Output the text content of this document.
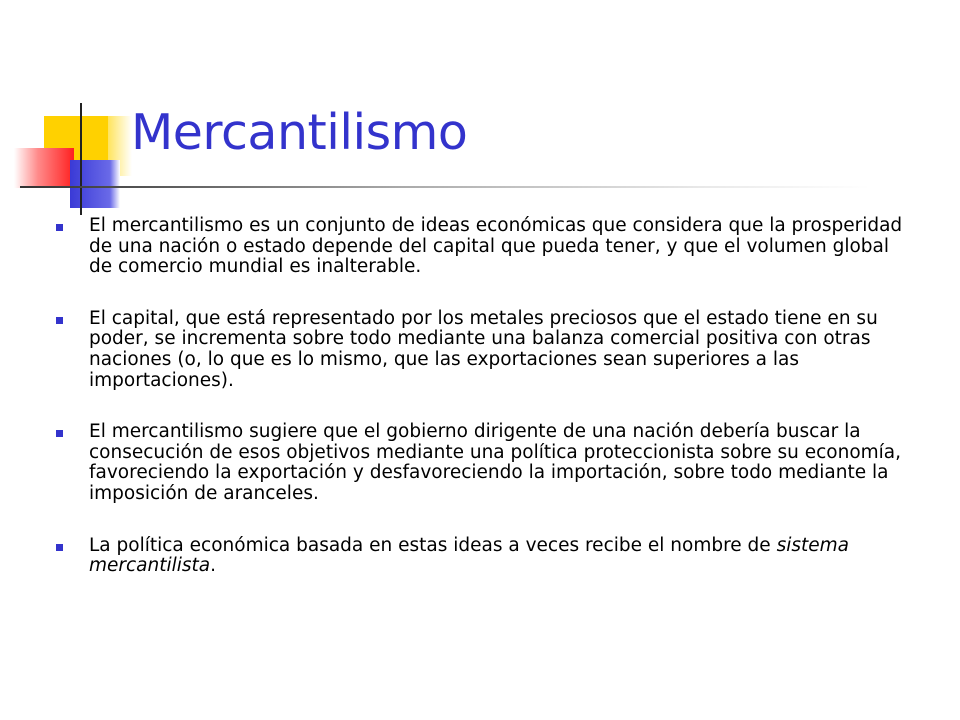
Mercantilismo
El mercantilismo es un conjunto de ideas económicas que considera que la prosperidad de una nación o estado depende del capital que pueda tener, y que el volumen global de comercio mundial es inalterable.
El capital, que está representado por los metales preciosos que el estado tiene en su poder, se incrementa sobre todo mediante una balanza comercial positiva con otras naciones (o, lo que es lo mismo, que las exportaciones sean superiores a las importaciones).
El mercantilismo sugiere que el gobierno dirigente de una nación debería buscar la consecución de esos objetivos mediante una política proteccionista sobre su economía, favoreciendo la exportación y desfavoreciendo la importación, sobre todo mediante la imposición de aranceles.
La política económica basada en estas ideas a veces recibe el nombre de sistema mercantilista.
